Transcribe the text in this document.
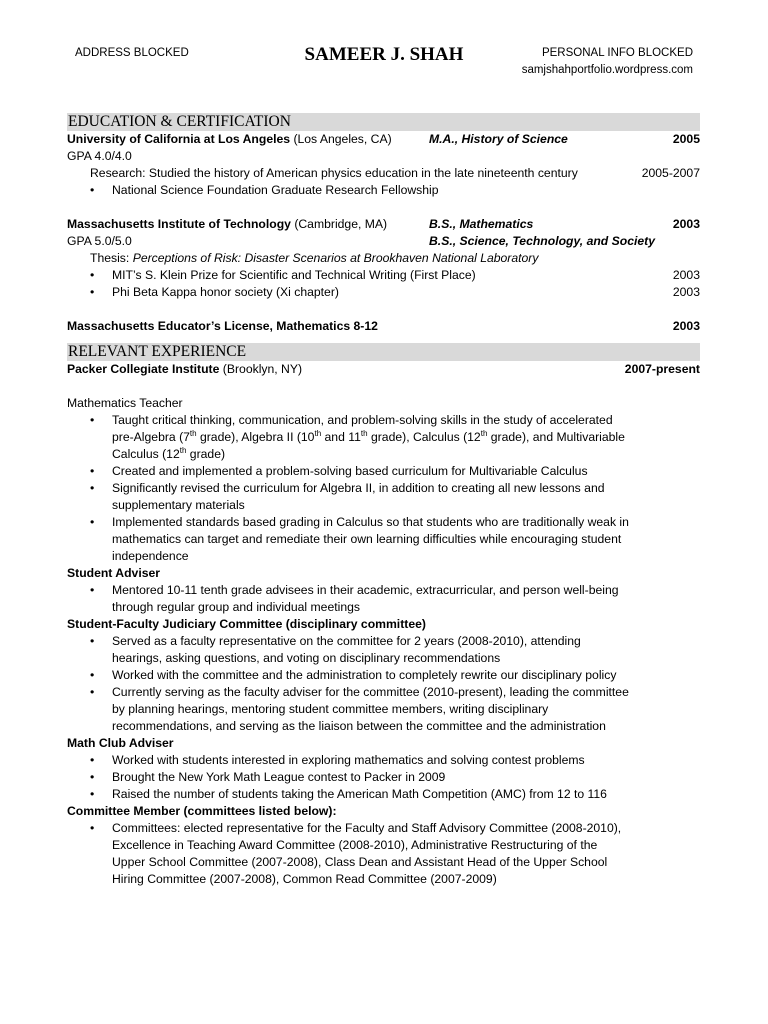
ADDRESS BLOCKED	SAMEER J. SHAH	PERSONAL INFO BLOCKED
samjshahportfolio.wordpress.com
EDUCATION & CERTIFICATION
University of California at Los Angeles (Los Angeles, CA)	M.A., History of Science	2005
GPA 4.0/4.0
Research: Studied the history of American physics education in the late nineteenth century	2005-2007
• National Science Foundation Graduate Research Fellowship
Massachusetts Institute of Technology (Cambridge, MA)	B.S., Mathematics	2003
GPA 5.0/5.0	B.S., Science, Technology, and Society
Thesis: Perceptions of Risk: Disaster Scenarios at Brookhaven National Laboratory
• MIT’s S. Klein Prize for Scientific and Technical Writing (First Place)	2003
• Phi Beta Kappa honor society (Xi chapter)	2003
Massachusetts Educator’s License, Mathematics 8-12	2003
RELEVANT EXPERIENCE
Packer Collegiate Institute (Brooklyn, NY)	2007-present
Mathematics Teacher
• Taught critical thinking, communication, and problem-solving skills in the study of accelerated pre-Algebra (7th grade), Algebra II (10th and 11th grade), Calculus (12th grade), and Multivariable Calculus (12th grade)
• Created and implemented a problem-solving based curriculum for Multivariable Calculus
• Significantly revised the curriculum for Algebra II, in addition to creating all new lessons and supplementary materials
• Implemented standards based grading in Calculus so that students who are traditionally weak in mathematics can target and remediate their own learning difficulties while encouraging student independence
Student Adviser
• Mentored 10-11 tenth grade advisees in their academic, extracurricular, and person well-being through regular group and individual meetings
Student-Faculty Judiciary Committee (disciplinary committee)
• Served as a faculty representative on the committee for 2 years (2008-2010), attending hearings, asking questions, and voting on disciplinary recommendations
• Worked with the committee and the administration to completely rewrite our disciplinary policy
• Currently serving as the faculty adviser for the committee (2010-present), leading the committee by planning hearings, mentoring student committee members, writing disciplinary recommendations, and serving as the liaison between the committee and the administration
Math Club Adviser
• Worked with students interested in exploring mathematics and solving contest problems
• Brought the New York Math League contest to Packer in 2009
• Raised the number of students taking the American Math Competition (AMC) from 12 to 116
Committee Member (committees listed below):
• Committees: elected representative for the Faculty and Staff Advisory Committee (2008-2010), Excellence in Teaching Award Committee (2008-2010), Administrative Restructuring of the Upper School Committee (2007-2008), Class Dean and Assistant Head of the Upper School Hiring Committee (2007-2008), Common Read Committee (2007-2009)
